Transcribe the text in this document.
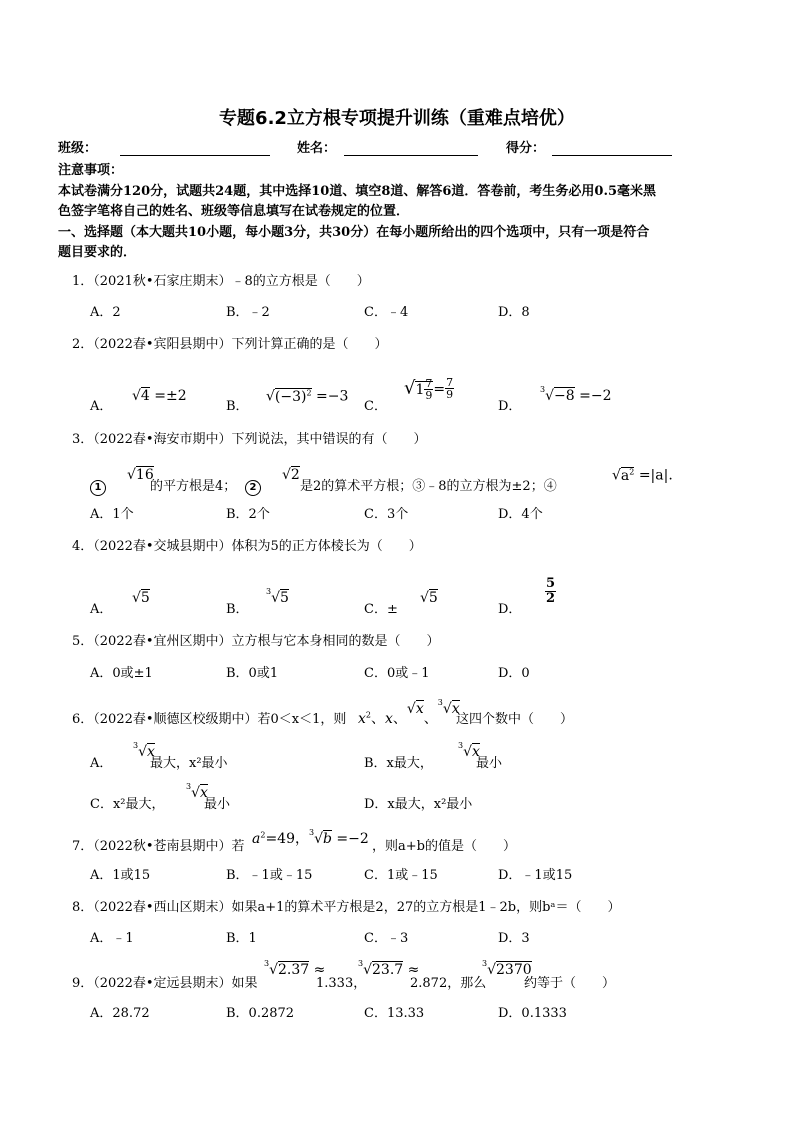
专题6.2立方根专项提升训练（重难点培优）
班级：	姓名：	得分：
注意事项：
本试卷满分120分，试题共24题，其中选择10道、填空8道、解答6道．答卷前，考生务必用0.5毫米黑
色签字笔将自己的姓名、班级等信息填写在试卷规定的位置．
一、选择题（本大题共10小题，每小题3分，共30分）在每小题所给出的四个选项中，只有一项是符合
题目要求的．
1．（2021秋•石家庄期末）﹣8的立方根是（　　）
A．2	B．﹣2	C．﹣4	D．8
2．（2022春•宾阳县期中）下列计算正确的是（　　）
A．
√4 =±2
B．
$√(-3)^2 =-3$
C．
$√1 \frac{7}{9} = \frac{7}{9}$
D．
$^3$√−8 =−2
3．（2022春•海安市期中）下列说法，其中错误的有（　　）
1
√16
的平方根是4；	2
√2
是2的算术平方根；③﹣8的立方根为±2；④
$√a^2 =|a|$.
A．1个	B．2个	C．3个	D．4个
4．（2022春•交城县期中）体积为5的正方体棱长为（　　）
A．
√5
B．
$^3$√5
C．±
√5
D．
$\frac{5}{2}$
5．（2022春•宜州区期中）立方根与它本身相同的数是（　　）
A．0或±1	B．0或1	C．0或﹣1	D．0
6．（2022春•顺德区校级期中）若0＜x＜1，则 $x^2$、x、√x、$^3$√x
这四个数中（　　）
A．
$^3$√x
最大，x²最小	B．x最大，
$^3$√x
最小
C．x²最大，
$^3$√x
最小	D．x最大，x²最小
7．（2022秋•苍南县期中）若 $a^2=49$，$^3$√b =−2 ，则a+b的值是（　　）
A．1或15	B．﹣1或﹣15	C．1或﹣15	D．﹣1或15
8．（2022春•西山区期末）如果a+1的算术平方根是2，27的立方根是1﹣2b，则bᵃ＝（　　）
A．﹣1	B．1	C．﹣3	D．3
9．（2022春•定远县期末）如果
$^3$√2.37 ≈
1.333，
$^3$√23.7 ≈
2.872，那么
$^3$√2370
约等于（　　）
A．28.72	B．0.2872	C．13.33	D．0.1333
